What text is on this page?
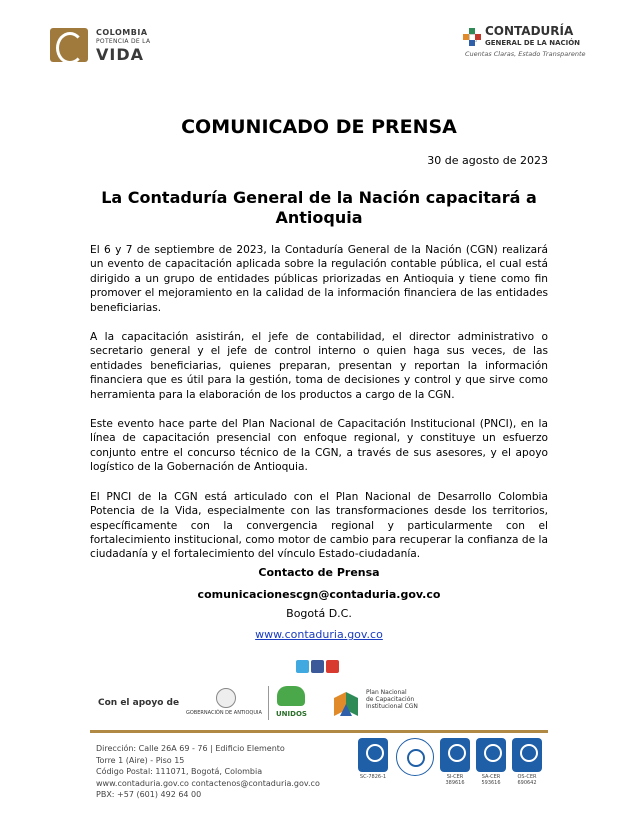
COLOMBIA
POTENCIA DE LA
VIDA
CONTADURÍA
GENERAL DE LA NACIÓN
Cuentas Claras, Estado Transparente
COMUNICADO DE PRENSA
30 de agosto de 2023
La Contaduría General de la Nación capacitará a Antioquia

El 6 y 7 de septiembre de 2023, la Contaduría General de la Nación (CGN) realizará un evento de capacitación aplicada sobre la regulación contable pública, el cual está dirigido a un grupo de entidades públicas priorizadas en Antioquia y tiene como fin promover el mejoramiento en la calidad de la información financiera de las entidades beneficiarias.

A la capacitación asistirán, el jefe de contabilidad, el director administrativo o secretario general y el jefe de control interno o quien haga sus veces, de las entidades beneficiarias, quienes preparan, presentan y reportan la información financiera que es útil para la gestión, toma de decisiones y control y que sirve como herramienta para la elaboración de los productos a cargo de la CGN.

Este evento hace parte del Plan Nacional de Capacitación Institucional (PNCI), en la línea de capacitación presencial con enfoque regional, y constituye un esfuerzo conjunto entre el concurso técnico de la CGN, a través de sus asesores, y el apoyo logístico de la Gobernación de Antioquia.

El PNCI de la CGN está articulado con el Plan Nacional de Desarrollo Colombia Potencia de la Vida, especialmente con las transformaciones desde los territorios, específicamente con la convergencia regional y particularmente con el fortalecimiento institucional, como motor de cambio para recuperar la confianza de la ciudadanía y el fortalecimiento del vínculo Estado-ciudadanía.

Contacto de Prensa
comunicacionescgn@contaduria.gov.co
Bogotá D.C.
www.contaduria.gov.co
Con el apoyo de
GOBERNACIÓN DE ANTIOQUIA UNIDOS
Plan Nacional
de Capacitación
Institucional CGN
Dirección: Calle 26A 69 - 76 | Edificio Elemento
Torre 1 (Aire) - Piso 15
Código Postal: 111071, Bogotá, Colombia
www.contaduria.gov.co contactenos@contaduria.gov.co
PBX: +57 (601) 492 64 00
SC-7826-1	SI-CER 389616
SA-CER 593616
OS-CER 690642
